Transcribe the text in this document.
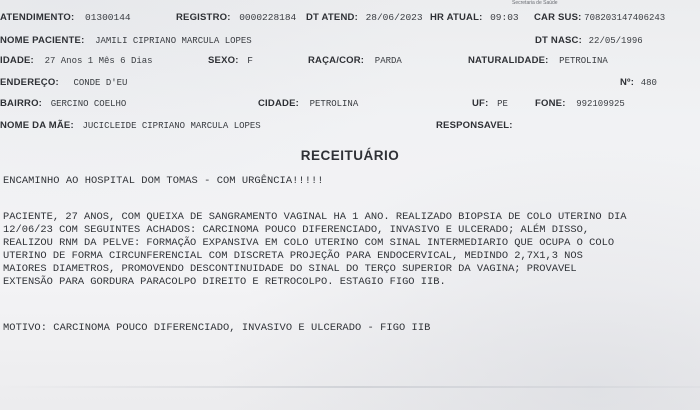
Secretaria de Saúde
ATENDIMENTO: 01300144	REGISTRO: 0000228184 DT ATEND: 28/06/2023 HR ATUAL: 09:03 CAR SUS: 708203147406243
NOME PACIENTE: JAMILI CIPRIANO MARCULA LOPES	DT NASC: 22/05/1996
IDADE: 27 Anos 1 Mês 6 Dias	SEXO: F	RAÇA/COR: PARDA	NATURALIDADE: PETROLINA
ENDEREÇO: CONDE D'EU	Nº: 480
BAIRRO: GERCINO COELHO	CIDADE: PETROLINA	UF: PE	FONE: 992109925
NOME DA MÃE: JUCICLEIDE CIPRIANO MARCULA LOPES	RESPONSAVEL:
RECEITUÁRIO
ENCAMINHO AO HOSPITAL DOM TOMAS - COM URGÊNCIA!!!!!
PACIENTE, 27 ANOS, COM QUEIXA DE SANGRAMENTO VAGINAL HA 1 ANO. REALIZADO BIOPSIA DE COLO UTERINO DIA
12/06/23 COM SEGUINTES ACHADOS: CARCINOMA POUCO DIFERENCIADO, INVASIVO E ULCERADO; ALÉM DISSO,
REALIZOU RNM DA PELVE: FORMAÇÃO EXPANSIVA EM COLO UTERINO COM SINAL INTERMEDIARIO QUE OCUPA O COLO
UTERINO DE FORMA CIRCUNFERENCIAL COM DISCRETA PROJEÇÃO PARA ENDOCERVICAL, MEDINDO 2,7X1,3 NOS
MAIORES DIAMETROS, PROMOVENDO DESCONTINUIDADE DO SINAL DO TERÇO SUPERIOR DA VAGINA; PROVAVEL
EXTENSÃO PARA GORDURA PARACOLPO DIREITO E RETROCOLPO. ESTAGIO FIGO IIB.
MOTIVO: CARCINOMA POUCO DIFERENCIADO, INVASIVO E ULCERADO - FIGO IIB
